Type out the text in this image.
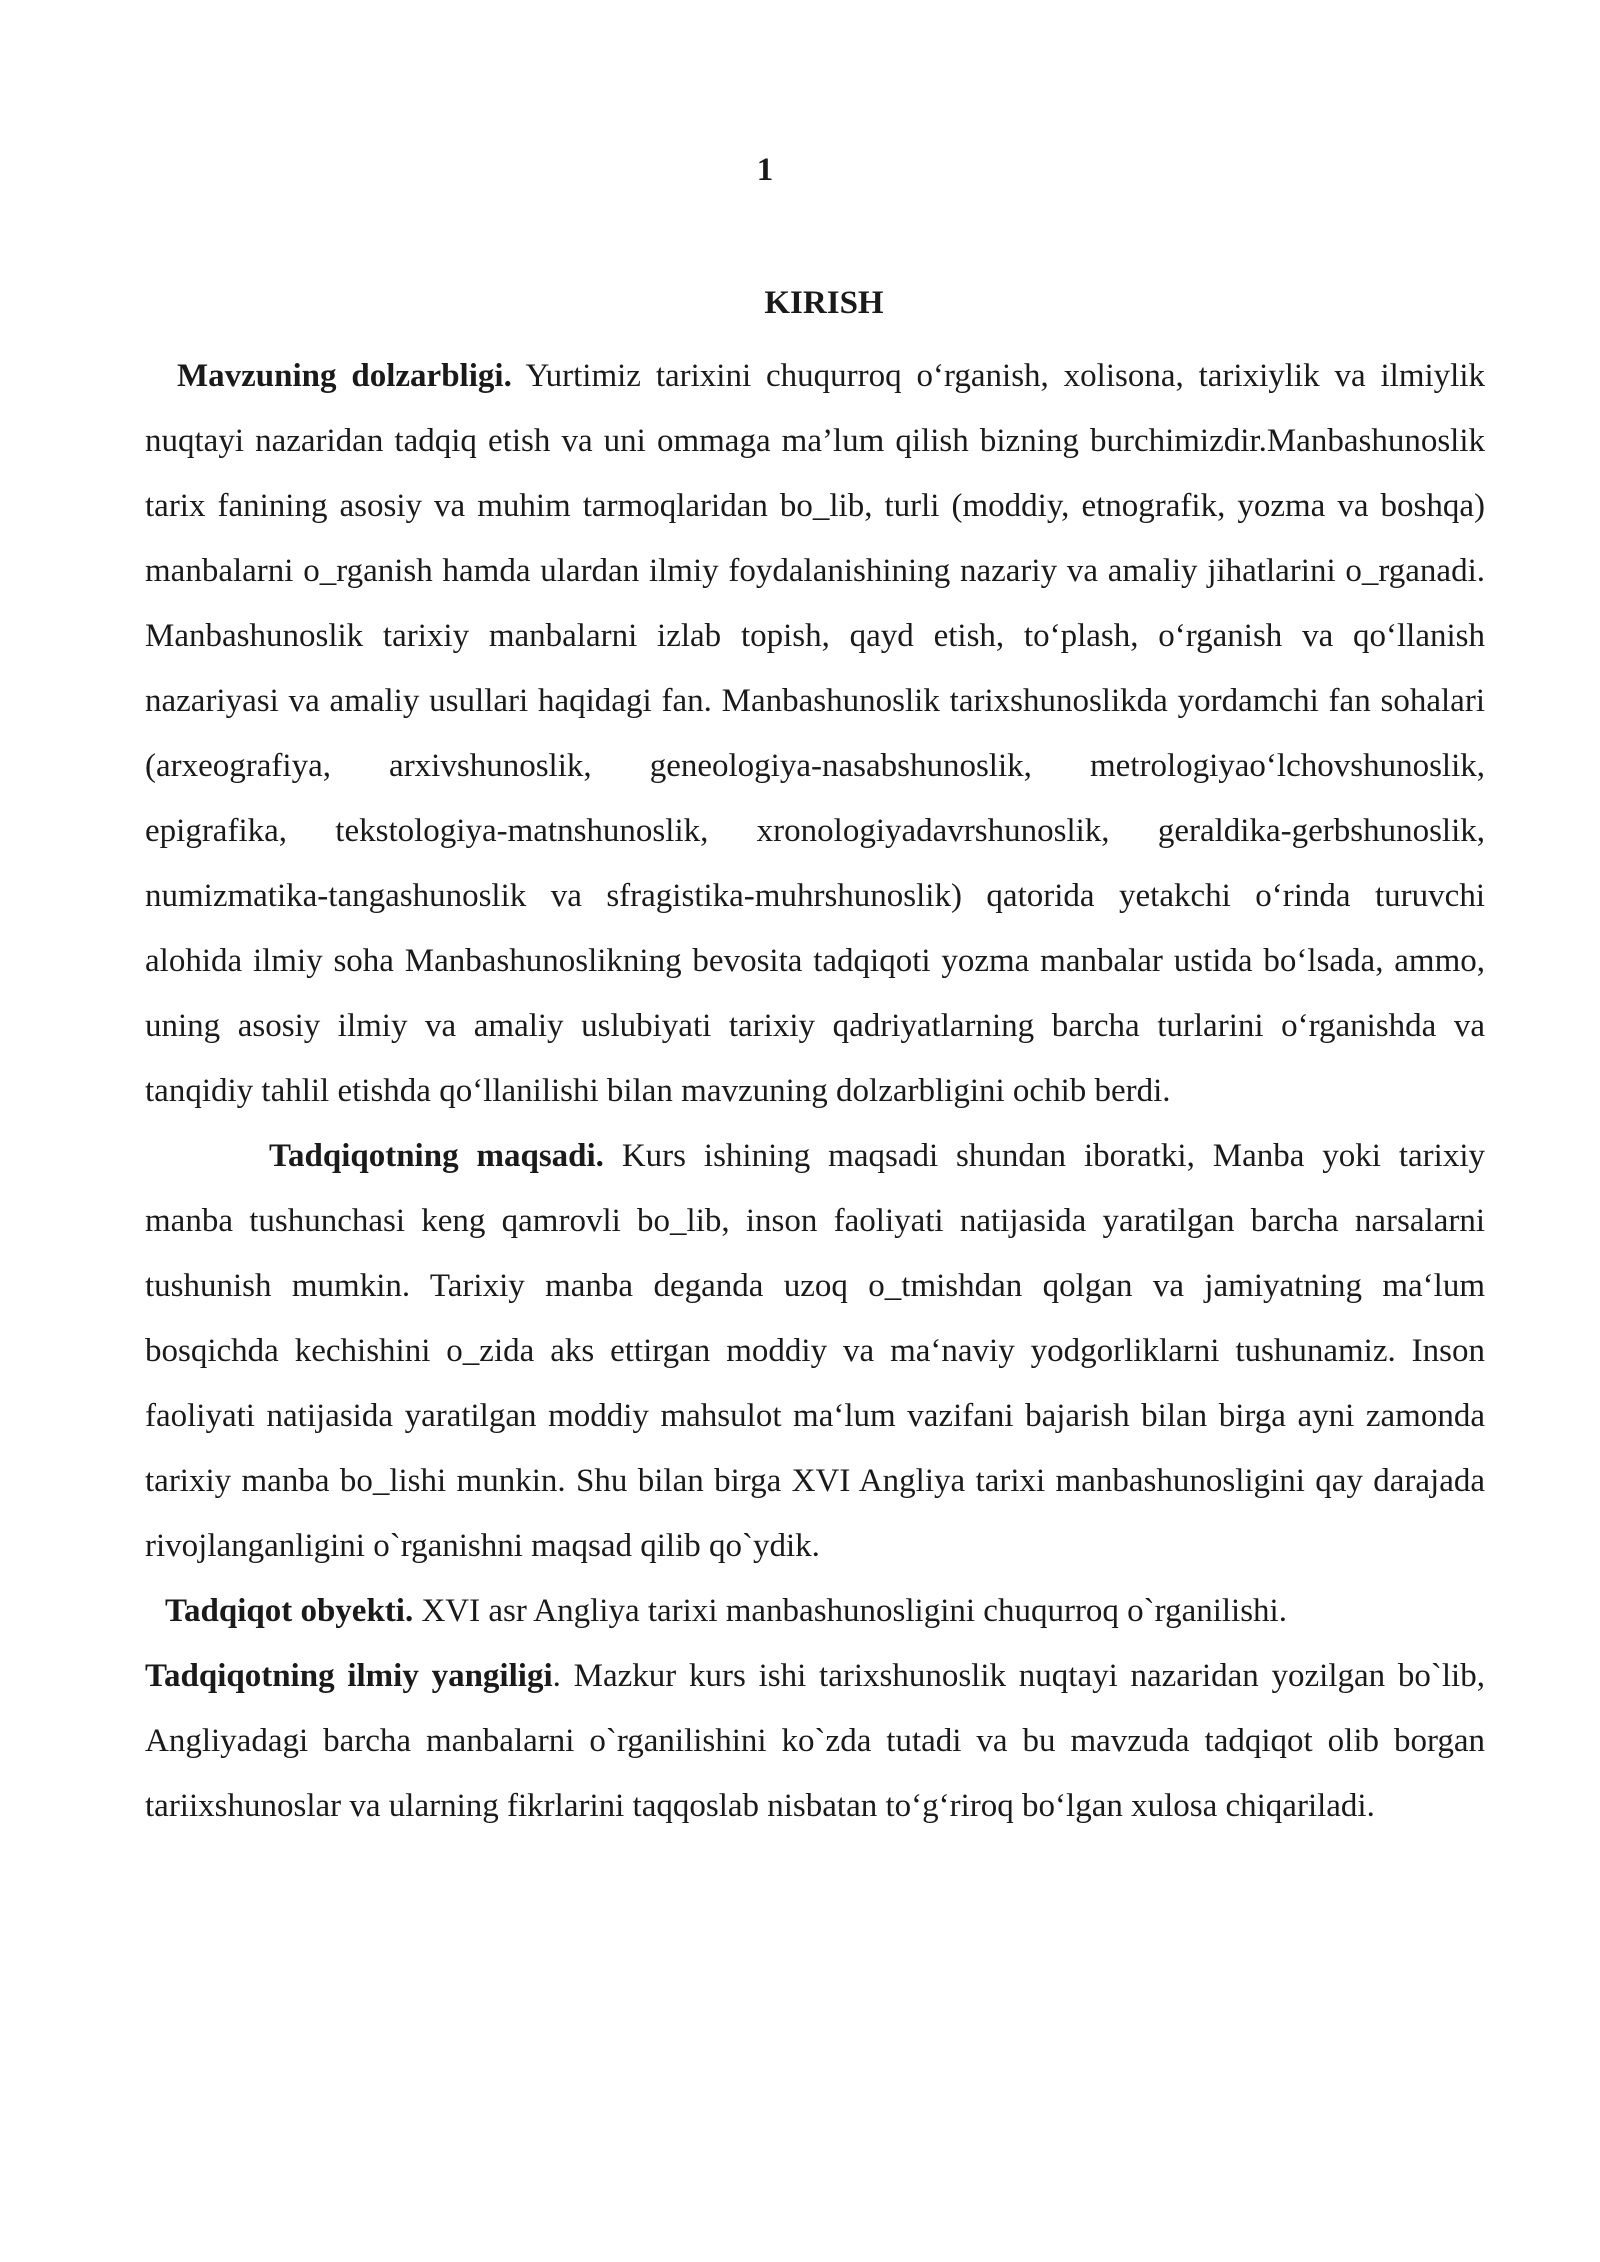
1
KIRISH

Mavzuning dolzarbligi. Yurtimiz tarixini chuqurroq o‘rganish, xolisona, tarixiylik va ilmiylik nuqtayi nazaridan tadqiq etish va uni ommaga ma’lum qilish bizning burchimizdir.Manbashunoslik tarix fanining asosiy va muhim tarmoqlaridan bo_lib, turli (moddiy, etnografik, yozma va boshqa) manbalarni o_rganish hamda ulardan ilmiy foydalanishining nazariy va amaliy jihatlarini o_rganadi. Manbashunoslik tarixiy manbalarni izlab topish, qayd etish, to‘plash, o‘rganish va qo‘llanish nazariyasi va amaliy usullari haqidagi fan. Manbashunoslik tarixshunoslikda yordamchi fan sohalari (arxeografiya, arxivshunoslik, geneologiya-nasabshunoslik, metrologiyao‘lchovshunoslik, epigrafika, tekstologiya-matnshunoslik, xronologiyadavrshunoslik, geraldika-gerbshunoslik, numizmatika-tangashunoslik va sfragistika-muhrshunoslik) qatorida yetakchi o‘rinda turuvchi alohida ilmiy soha Manbashunoslikning bevosita tadqiqoti yozma manbalar ustida bo‘lsada, ammo, uning asosiy ilmiy va amaliy uslubiyati tarixiy qadriyatlarning barcha turlarini o‘rganishda va tanqidiy tahlil etishda qo‘llanilishi bilan mavzuning dolzarbligini ochib berdi.

Tadqiqotning maqsadi. Kurs ishining maqsadi shundan iboratki, Manba yoki tarixiy manba tushunchasi keng qamrovli bo_lib, inson faoliyati natijasida yaratilgan barcha narsalarni tushunish mumkin. Tarixiy manba deganda uzoq o_tmishdan qolgan va jamiyatning ma‘lum bosqichda kechishini o_zida aks ettirgan moddiy va ma‘naviy yodgorliklarni tushunamiz. Inson faoliyati natijasida yaratilgan moddiy mahsulot ma‘lum vazifani bajarish bilan birga ayni zamonda tarixiy manba bo_lishi munkin. Shu bilan birga XVI Angliya tarixi manbashunosligini qay darajada rivojlanganligini o`rganishni maqsad qilib qo`ydik.

Tadqiqot obyekti. XVI asr Angliya tarixi manbashunosligini chuqurroq o`rganilishi.

Tadqiqotning ilmiy yangiligi. Mazkur kurs ishi tarixshunoslik nuqtayi nazaridan yozilgan bo`lib, Angliyadagi barcha manbalarni o`rganilishini ko`zda tutadi va bu mavzuda tadqiqot olib borgan tariixshunoslar va ularning fikrlarini taqqoslab nisbatan to‘g‘riroq bo‘lgan xulosa chiqariladi.
